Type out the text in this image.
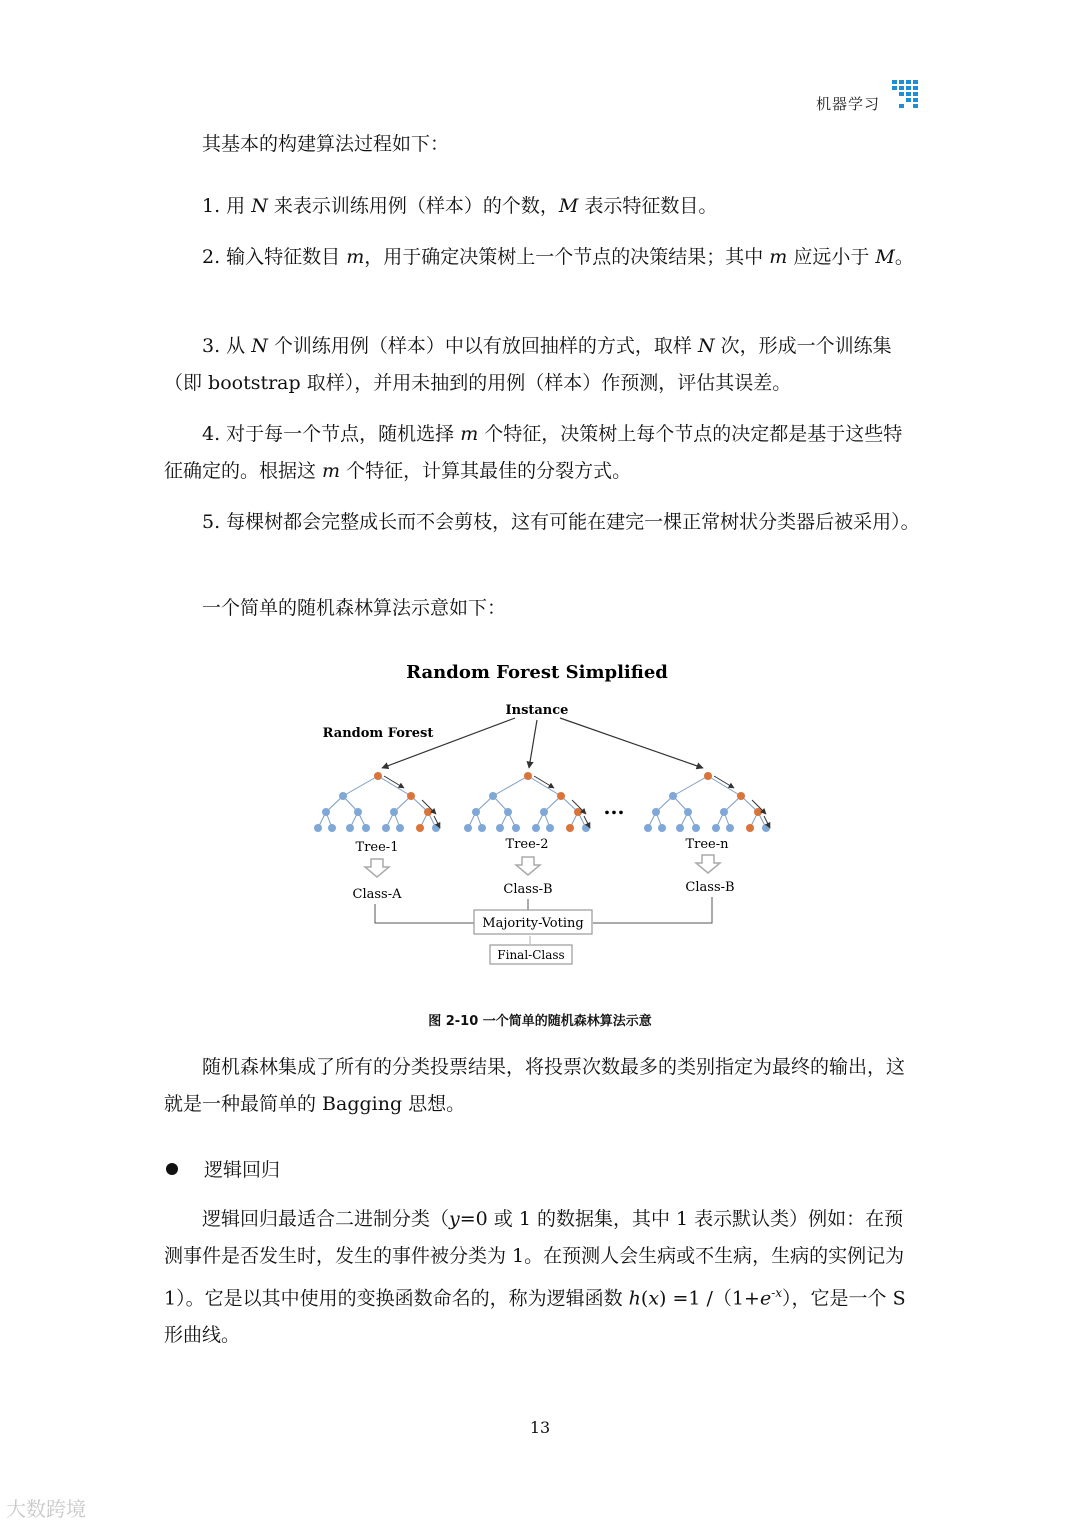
机器学习

其基本的构建算法过程如下：

1. 用 N 来表示训练用例（样本）的个数，M 表示特征数目。

2. 输入特征数目 m，用于确定决策树上一个节点的决策结果；其中 m 应远小于 M。

3. 从 N 个训练用例（样本）中以有放回抽样的方式，取样 N 次，形成一个训练集（即 bootstrap 取样），并用未抽到的用例（样本）作预测，评估其误差。

4. 对于每一个节点，随机选择 m 个特征，决策树上每个节点的决定都是基于这些特征确定的。根据这 m 个特征，计算其最佳的分裂方式。

5. 每棵树都会完整成长而不会剪枝，这有可能在建完一棵正常树状分类器后被采用）。

一个简单的随机森林算法示意如下：

Random Forest Simplified
Instance
Random Forest
...
Tree-1	Tree-2	Tree-n
Class-A	Class-B	Class-B
Majority-Voting
Final-Class
图 2-10 一个简单的随机森林算法示意

随机森林集成了所有的分类投票结果，将投票次数最多的类别指定为最终的输出，这就是一种最简单的 Bagging 思想。

逻辑回归

逻辑回归最适合二进制分类（y=0 或 1 的数据集，其中 1 表示默认类）例如：在预测事件是否发生时，发生的事件被分类为 1。在预测人会生病或不生病，生病的实例记为 1）。它是以其中使用的变换函数命名的，称为逻辑函数 h(x) =1 $/(1+e^{-x})$，它是一个 S 形曲线。

13
大数跨境
